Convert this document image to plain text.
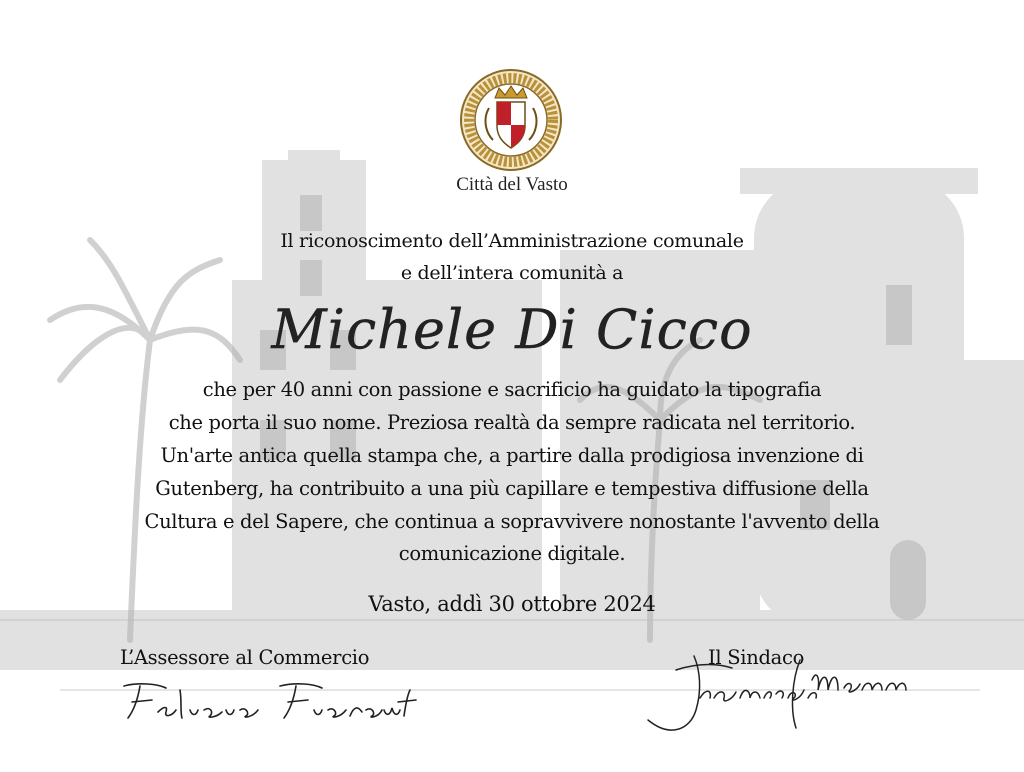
Città del Vasto
Il riconoscimento dell’Amministrazione comunale
e dell’intera comunità a
Michele Di Cicco
che per 40 anni con passione e sacrificio ha guidato la tipografia
che porta il suo nome. Preziosa realtà da sempre radicata nel territorio.
Un'arte antica quella stampa che, a partire dalla prodigiosa invenzione di
Gutenberg, ha contribuito a una più capillare e tempestiva diffusione della
Cultura e del Sapere, che continua a sopravvivere nonostante l'avvento della
comunicazione digitale.
Vasto, addì 30 ottobre 2024
L’Assessore al Commercio	Il Sindaco
